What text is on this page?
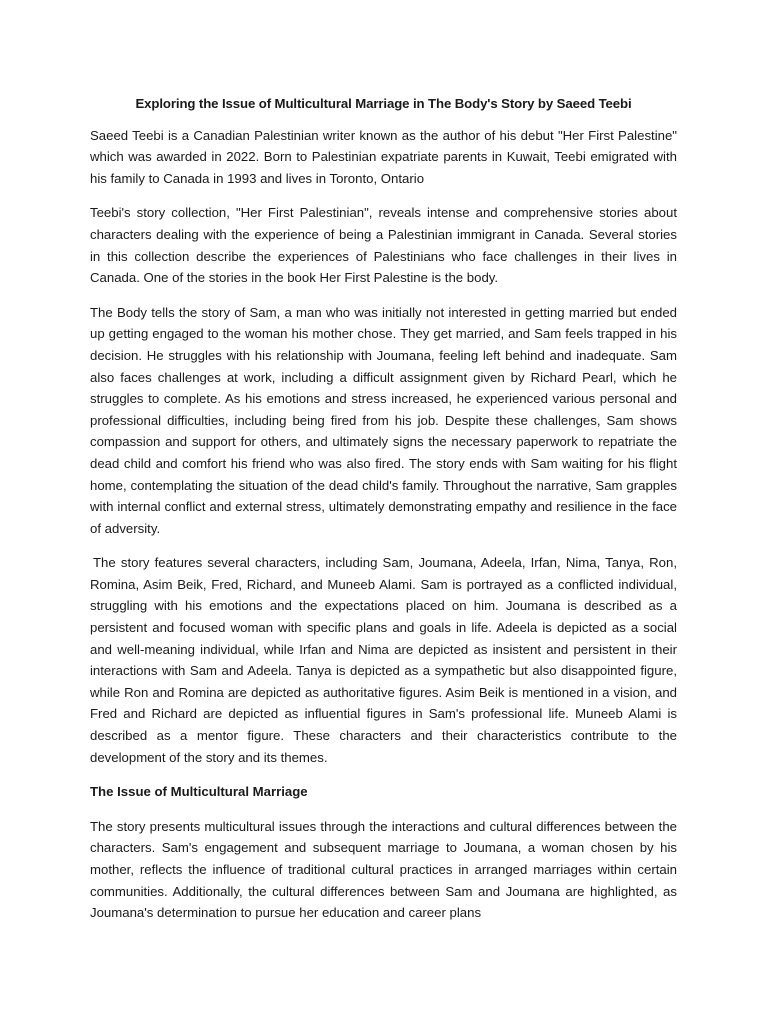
Exploring the Issue of Multicultural Marriage in The Body's Story by Saeed Teebi

Saeed Teebi is a Canadian Palestinian writer known as the author of his debut "Her First Palestine" which was awarded in 2022. Born to Palestinian expatriate parents in Kuwait, Teebi emigrated with his family to Canada in 1993 and lives in Toronto, Ontario

Teebi's story collection, "Her First Palestinian", reveals intense and comprehensive stories about characters dealing with the experience of being a Palestinian immigrant in Canada. Several stories in this collection describe the experiences of Palestinians who face challenges in their lives in Canada. One of the stories in the book Her First Palestine is the body.

The Body tells the story of Sam, a man who was initially not interested in getting married but ended up getting engaged to the woman his mother chose. They get married, and Sam feels trapped in his decision. He struggles with his relationship with Joumana, feeling left behind and inadequate. Sam also faces challenges at work, including a difficult assignment given by Richard Pearl, which he struggles to complete. As his emotions and stress increased, he experienced various personal and professional difficulties, including being fired from his job. Despite these challenges, Sam shows compassion and support for others, and ultimately signs the necessary paperwork to repatriate the dead child and comfort his friend who was also fired. The story ends with Sam waiting for his flight home, contemplating the situation of the dead child's family. Throughout the narrative, Sam grapples with internal conflict and external stress, ultimately demonstrating empathy and resilience in the face of adversity.

The story features several characters, including Sam, Joumana, Adeela, Irfan, Nima, Tanya, Ron, Romina, Asim Beik, Fred, Richard, and Muneeb Alami. Sam is portrayed as a conflicted individual, struggling with his emotions and the expectations placed on him. Joumana is described as a persistent and focused woman with specific plans and goals in life. Adeela is depicted as a social and well-meaning individual, while Irfan and Nima are depicted as insistent and persistent in their interactions with Sam and Adeela. Tanya is depicted as a sympathetic but also disappointed figure, while Ron and Romina are depicted as authoritative figures. Asim Beik is mentioned in a vision, and Fred and Richard are depicted as influential figures in Sam's professional life. Muneeb Alami is described as a mentor figure. These characters and their characteristics contribute to the development of the story and its themes.

The Issue of Multicultural Marriage

The story presents multicultural issues through the interactions and cultural differences between the characters. Sam's engagement and subsequent marriage to Joumana, a woman chosen by his mother, reflects the influence of traditional cultural practices in arranged marriages within certain communities. Additionally, the cultural differences between Sam and Joumana are highlighted, as Joumana's determination to pursue her education and career plans
